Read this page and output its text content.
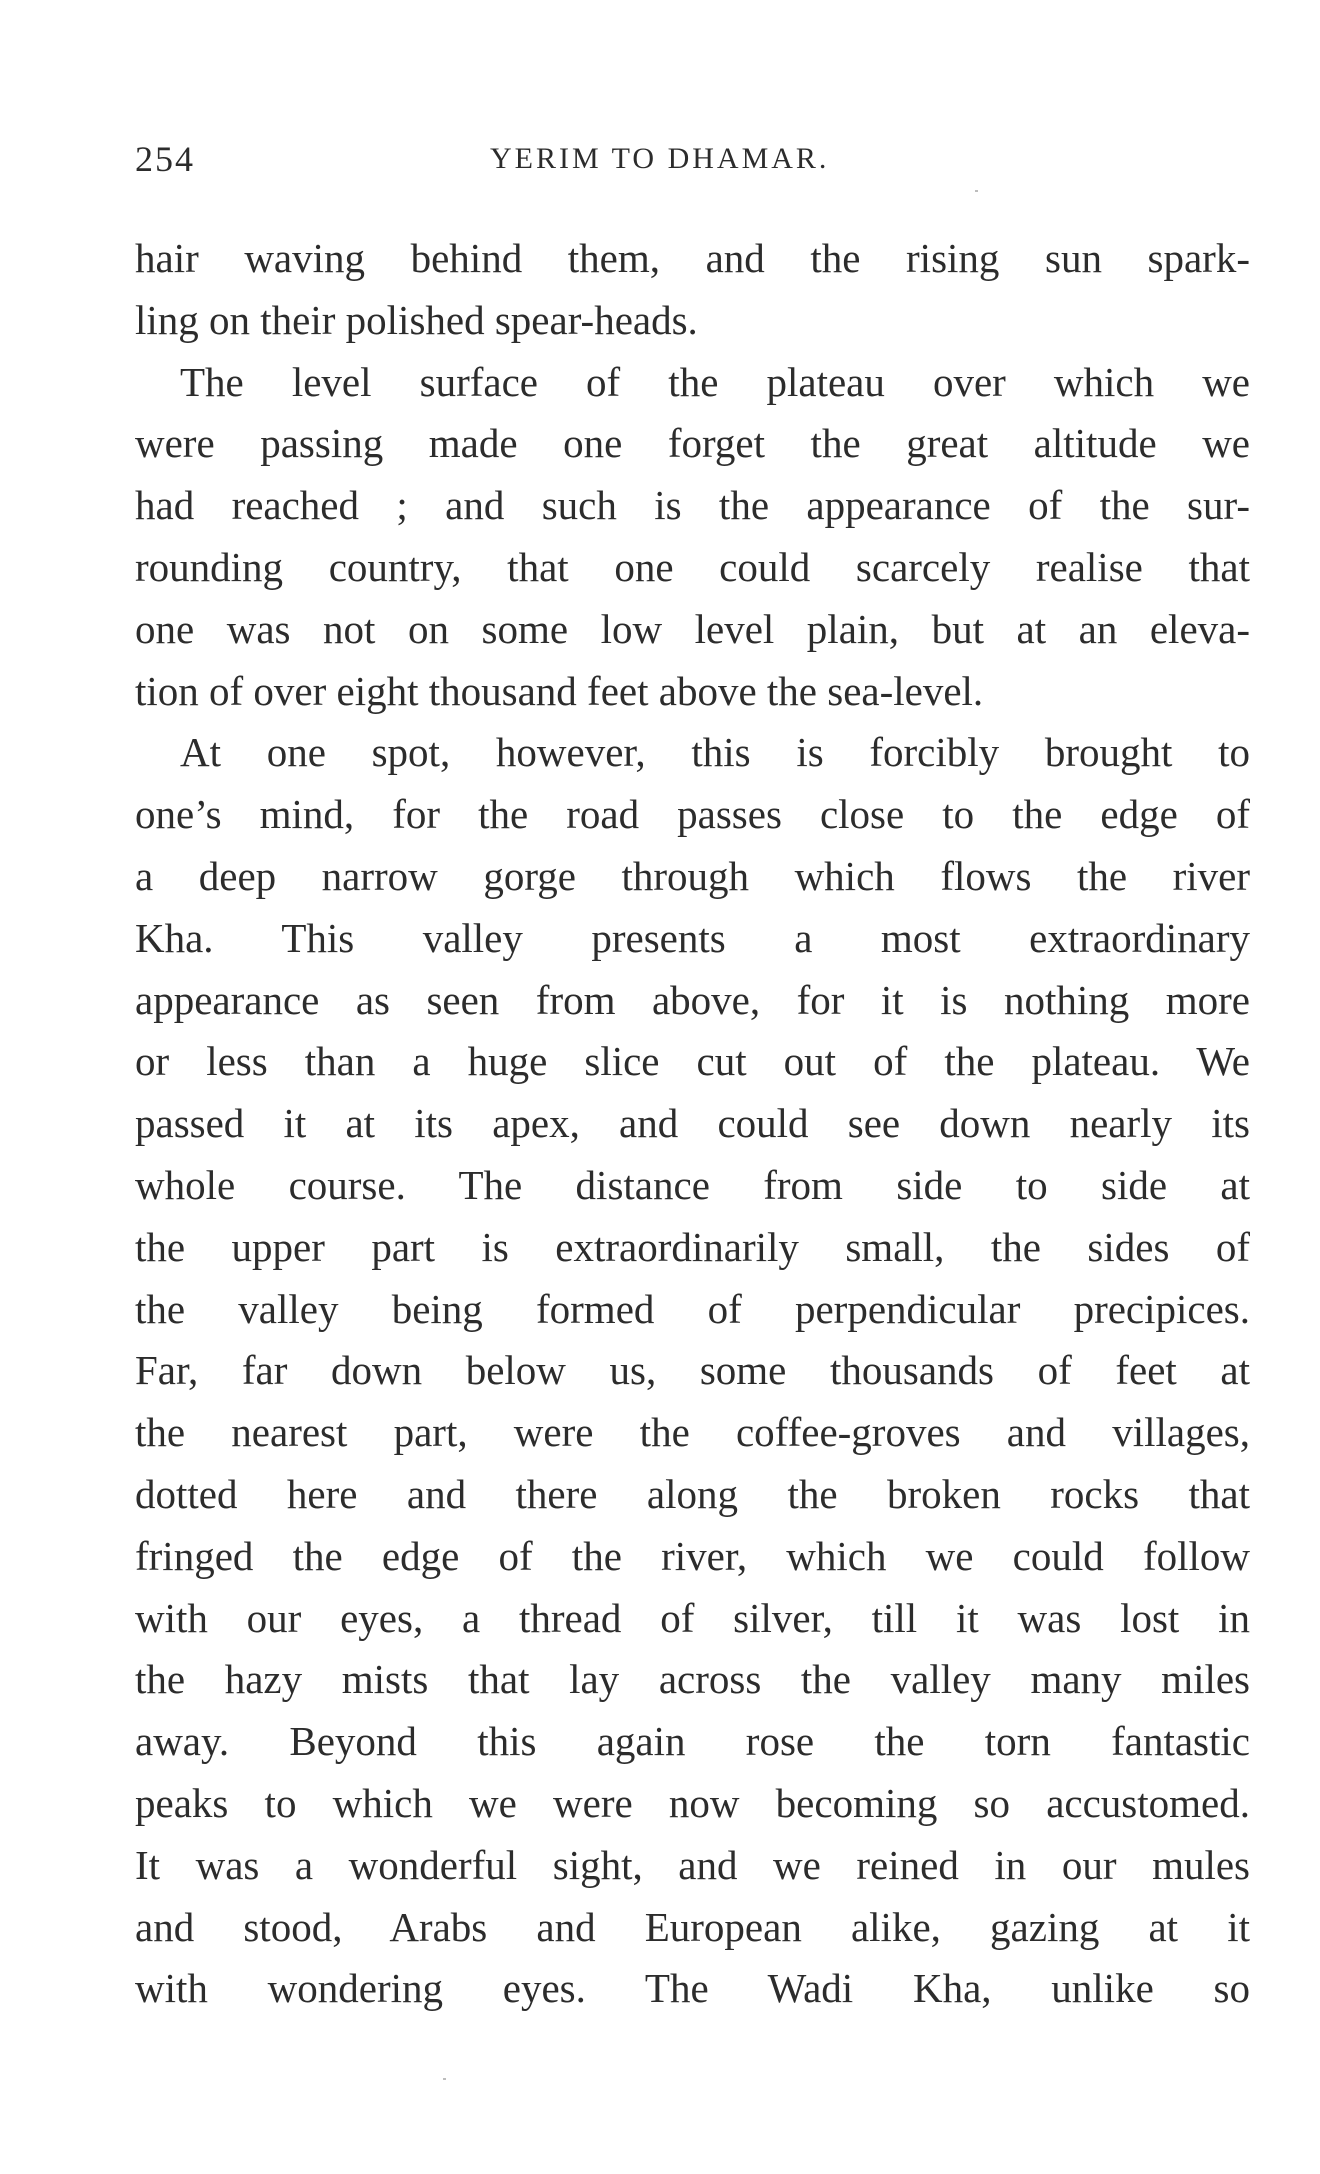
254	YERIM TO DHAMAR.
hair waving behind them, and the rising sun spark-
ling on their polished spear-heads.
The level surface of the plateau over which we
were passing made one forget the great altitude we
had reached ; and such is the appearance of the sur-
rounding country, that one could scarcely realise that
one was not on some low level plain, but at an eleva-
tion of over eight thousand feet above the sea-level.
At one spot, however, this is forcibly brought to
one’s mind, for the road passes close to the edge of
a deep narrow gorge through which flows the river
Kha. This valley presents a most extraordinary
appearance as seen from above, for it is nothing more
or less than a huge slice cut out of the plateau. We
passed it at its apex, and could see down nearly its
whole course. The distance from side to side at
the upper part is extraordinarily small, the sides of
the valley being formed of perpendicular precipices.
Far, far down below us, some thousands of feet at
the nearest part, were the coffee-groves and villages,
dotted here and there along the broken rocks that
fringed the edge of the river, which we could follow
with our eyes, a thread of silver, till it was lost in
the hazy mists that lay across the valley many miles
away. Beyond this again rose the torn fantastic
peaks to which we were now becoming so accustomed.
It was a wonderful sight, and we reined in our mules
and stood, Arabs and European alike, gazing at it
with wondering eyes. The Wadi Kha, unlike so
